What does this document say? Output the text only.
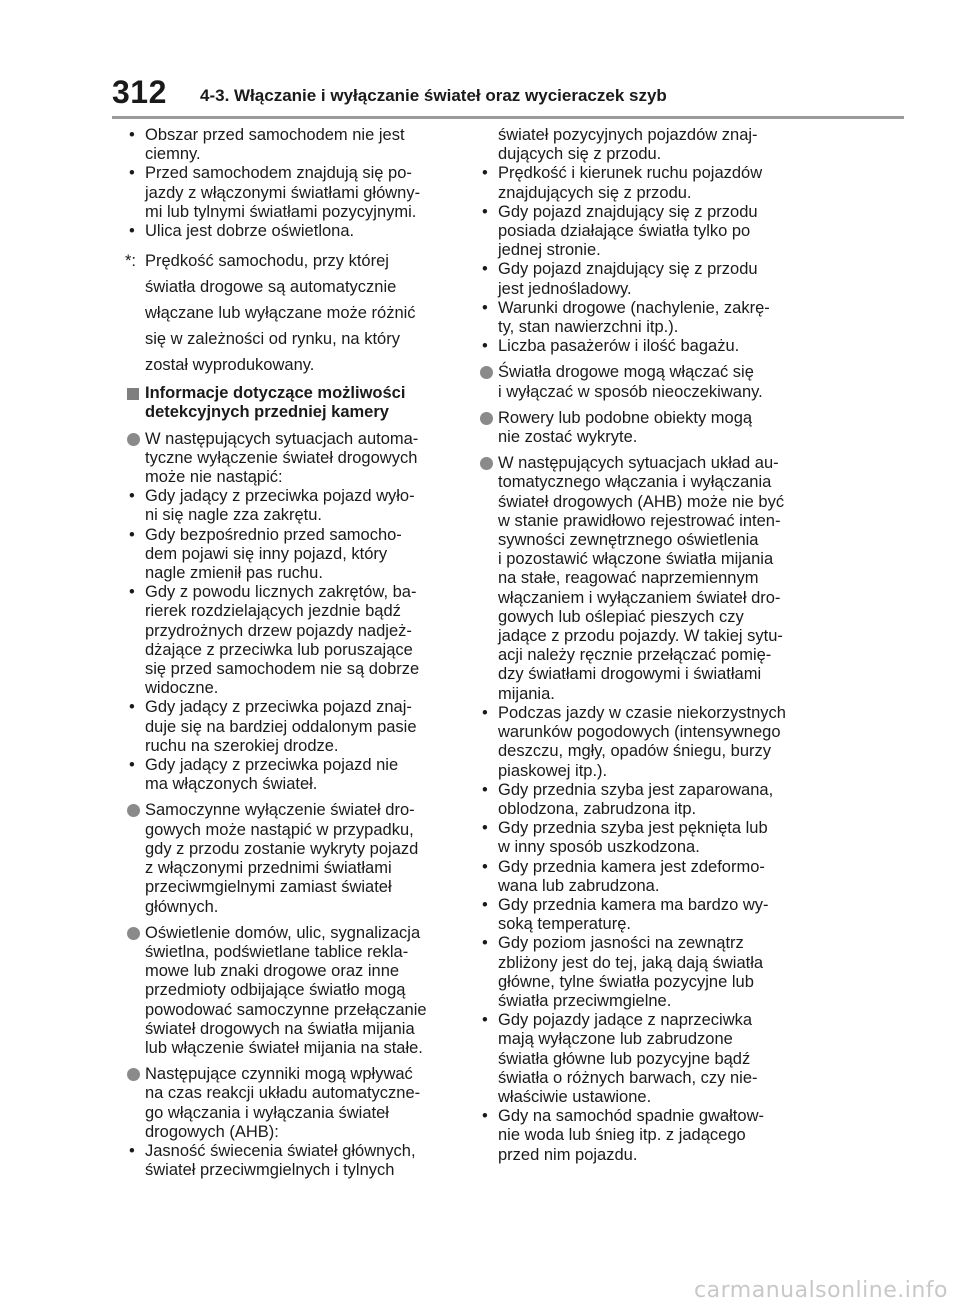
312 4-3. Włączanie i wyłączanie świateł oraz wycieraczek szyb
• Obszar przed samochodem nie jest
ciemny.
• Przed samochodem znajdują się po-
jazdy z włączonymi światłami główny-
mi lub tylnymi światłami pozycyjnymi.
• Ulica jest dobrze oświetlona.
*: Prędkość samochodu, przy której
światła drogowe są automatycznie
włączane lub wyłączane może różnić
się w zależności od rynku, na który
został wyprodukowany.
Informacje dotyczące możliwości
detekcyjnych przedniej kamery
W następujących sytuacjach automa-
tyczne wyłączenie świateł drogowych
może nie nastąpić:
• Gdy jadący z przeciwka pojazd wyło-
ni się nagle zza zakrętu.
• Gdy bezpośrednio przed samocho-
dem pojawi się inny pojazd, który
nagle zmienił pas ruchu.
• Gdy z powodu licznych zakrętów, ba-
rierek rozdzielających jezdnie bądź
przydrożnych drzew pojazdy nadjeż-
dżające z przeciwka lub poruszające
się przed samochodem nie są dobrze
widoczne.
• Gdy jadący z przeciwka pojazd znaj-
duje się na bardziej oddalonym pasie
ruchu na szerokiej drodze.
• Gdy jadący z przeciwka pojazd nie
ma włączonych świateł.
Samoczynne wyłączenie świateł dro-
gowych może nastąpić w przypadku,
gdy z przodu zostanie wykryty pojazd
z włączonymi przednimi światłami
przeciwmgielnymi zamiast świateł
głównych.
Oświetlenie domów, ulic, sygnalizacja
świetlna, podświetlane tablice rekla-
mowe lub znaki drogowe oraz inne
przedmioty odbijające światło mogą
powodować samoczynne przełączanie
świateł drogowych na światła mijania
lub włączenie świateł mijania na stałe.
Następujące czynniki mogą wpływać
na czas reakcji układu automatyczne-
go włączania i wyłączania świateł
drogowych (AHB):
• Jasność świecenia świateł głównych,
świateł przeciwmgielnych i tylnych
świateł pozycyjnych pojazdów znaj-
dujących się z przodu.
• Prędkość i kierunek ruchu pojazdów
znajdujących się z przodu.
• Gdy pojazd znajdujący się z przodu
posiada działające światła tylko po
jednej stronie.
• Gdy pojazd znajdujący się z przodu
jest jednośladowy.
• Warunki drogowe (nachylenie, zakrę-
ty, stan nawierzchni itp.).
• Liczba pasażerów i ilość bagażu.
Światła drogowe mogą włączać się
i wyłączać w sposób nieoczekiwany.
Rowery lub podobne obiekty mogą
nie zostać wykryte.
W następujących sytuacjach układ au-
tomatycznego włączania i wyłączania
świateł drogowych (AHB) może nie być
w stanie prawidłowo rejestrować inten-
sywności zewnętrznego oświetlenia
i pozostawić włączone światła mijania
na stałe, reagować naprzemiennym
włączaniem i wyłączaniem świateł dro-
gowych lub oślepiać pieszych czy
jadące z przodu pojazdy. W takiej sytu-
acji należy ręcznie przełączać pomię-
dzy światłami drogowymi i światłami
mijania.
• Podczas jazdy w czasie niekorzystnych
warunków pogodowych (intensywnego
deszczu, mgły, opadów śniegu, burzy
piaskowej itp.).
• Gdy przednia szyba jest zaparowana,
oblodzona, zabrudzona itp.
• Gdy przednia szyba jest pęknięta lub
w inny sposób uszkodzona.
• Gdy przednia kamera jest zdeformo-
wana lub zabrudzona.
• Gdy przednia kamera ma bardzo wy-
soką temperaturę.
• Gdy poziom jasności na zewnątrz
zbliżony jest do tej, jaką dają światła
główne, tylne światła pozycyjne lub
światła przeciwmgielne.
• Gdy pojazdy jadące z naprzeciwka
mają wyłączone lub zabrudzone
światła główne lub pozycyjne bądź
światła o różnych barwach, czy nie-
właściwie ustawione.
• Gdy na samochód spadnie gwałtow-
nie woda lub śnieg itp. z jadącego
przed nim pojazdu.
carmanualsonline.info
